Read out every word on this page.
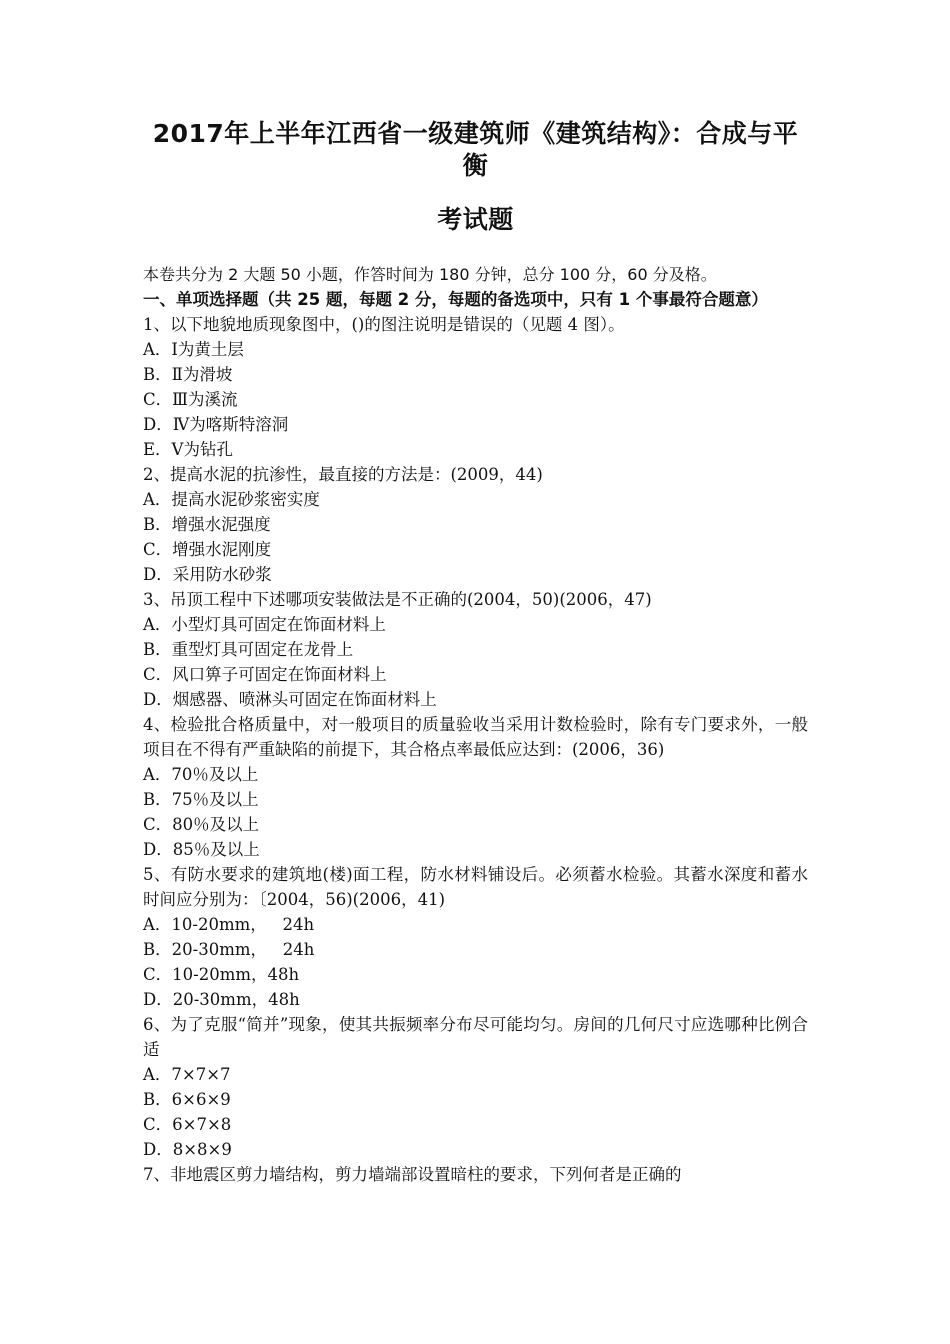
2017年上半年江西省一级建筑师《建筑结构》：合成与平衡
考试题
本卷共分为 2 大题 50 小题，作答时间为 180 分钟，总分 100 分，60 分及格。
一、单项选择题（共 25 题，每题 2 分，每题的备选项中，只有 1 个事最符合题意）
1、以下地貌地质现象图中，()的图注说明是错误的（见题 4 图）。
A．Ⅰ为黄土层
B．Ⅱ为滑坡
C．Ⅲ为溪流
D．Ⅳ为喀斯特溶洞
E．Ⅴ为钻孔
2、提高水泥的抗渗性，最直接的方法是：(2009，44)
A．提高水泥砂浆密实度
B．增强水泥强度
C．增强水泥刚度
D．采用防水砂浆
3、吊顶工程中下述哪项安装做法是不正确的(2004，50)(2006，47)
A．小型灯具可固定在饰面材料上
B．重型灯具可固定在龙骨上
C．风口箅子可固定在饰面材料上
D．烟感器、喷淋头可固定在饰面材料上
4、检验批合格质量中，对一般项目的质量验收当采用计数检验时，除有专门要求外，一般项目在不得有严重缺陷的前提下，其合格点率最低应达到：(2006，36)
A．70％及以上
B．75％及以上
C．80％及以上
D．85％及以上
5、有防水要求的建筑地(楼)面工程，防水材料铺设后。必须蓄水检验。其蓄水深度和蓄水时间应分别为：〔2004，56)(2006，41)
A．10-20mm，   24h
B．20-30mm，   24h
C．10-20mm，48h
D．20-30mm，48h
6、为了克服“简并”现象，使其共振频率分布尽可能均匀。房间的几何尺寸应选哪种比例合适
A．7×7×7
B．6×6×9
C．6×7×8
D．8×8×9
7、非地震区剪力墙结构，剪力墙端部设置暗柱的要求，下列何者是正确的
